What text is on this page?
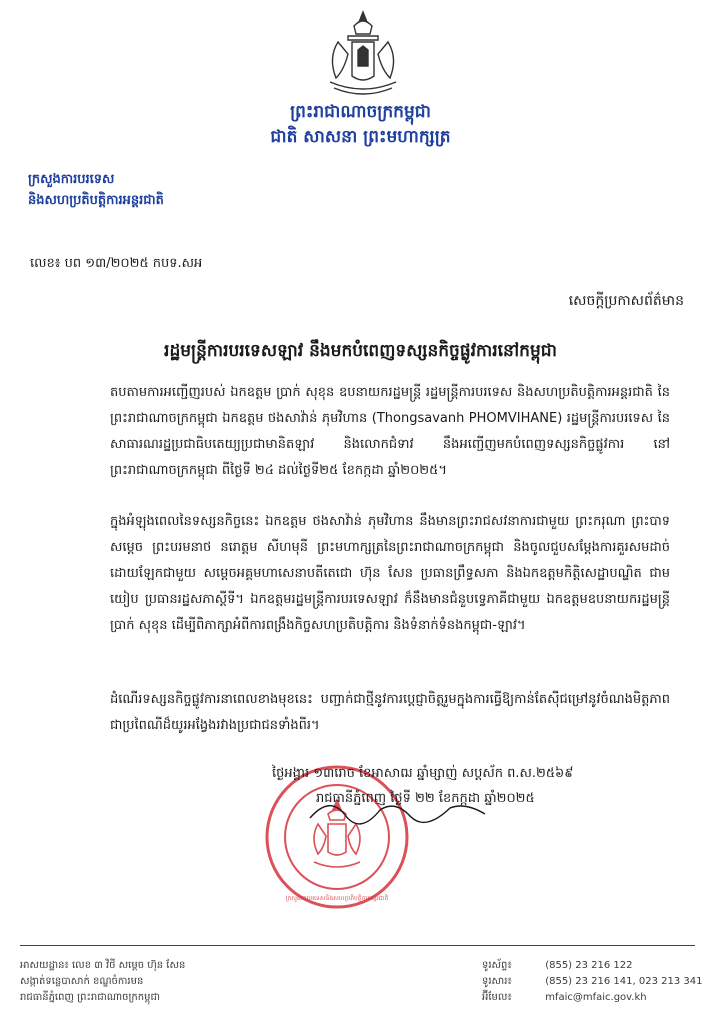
ព្រះរាជាណាចក្រកម្ពុជា
ជាតិ សាសនា ព្រះមហាក្សត្រ
ក្រសួងការបរទេស
និងសហប្រតិបត្តិការអន្តរជាតិ
លេខ៖ បព ១៣/២០២៥ កបទ.សអ
សេចក្តីប្រកាសព័ត៌មាន
រដ្ឋមន្ត្រីការបរទេសឡាវ នឹងមកបំពេញទស្សនកិច្ចផ្លូវការនៅកម្ពុជា
តបតាមការអញ្ជើញរបស់ ឯកឧត្តម ប្រាក់ សុខុន ឧបនាយករដ្ឋមន្ត្រី រដ្ឋមន្ត្រីការបរទេស និងសហប្រតិបត្តិការអន្តរជាតិ នៃព្រះរាជាណាចក្រកម្ពុជា ឯកឧត្តម ថងសាវ៉ាន់ ភុមវិហាន (Thongsavanh PHOMVIHANE) រដ្ឋមន្ត្រីការបរទេស នៃសាធារណរដ្ឋប្រជាធិបតេយ្យប្រជាមានិតឡាវ និងលោកជំទាវ នឹងអញ្ជើញមកបំពេញទស្សនកិច្ចផ្លូវការ នៅព្រះរាជាណាចក្រកម្ពុជា ពីថ្ងៃទី ២៤ ដល់ថ្ងៃទី២៥ ខែកក្កដា ឆ្នាំ២០២៥។
ក្នុងអំឡុងពេលនៃទស្សនកិច្ចនេះ ឯកឧត្តម ថងសាវ៉ាន់ ភុមវិហាន នឹងមានព្រះរាជសវនាការជាមួយ ព្រះករុណា ព្រះបាទសម្តេច ព្រះបរមនាថ នរោត្តម សីហមុនី ព្រះមហាក្សត្រនៃព្រះរាជាណាចក្រកម្ពុជា និងចូលជួបសម្តែងការគួរសមដាច់ដោយឡែកជាមួយ សម្តេចអគ្គមហាសេនាបតីតេជោ ហ៊ុន សែន ប្រធានព្រឹទ្ធសភា និងឯកឧត្តមកិត្តិសេដ្ឋាបណ្ឌិត ជាម យៀប ប្រធានរដ្ឋសភាស្តីទី។ ឯកឧត្តមរដ្ឋមន្ត្រីការបរទេសឡាវ ក៏នឹងមានជំនួបទ្វេភាគីជាមួយ ឯកឧត្តមឧបនាយករដ្ឋមន្ត្រី ប្រាក់ សុខុន ដើម្បីពិភាក្សាអំពីការពង្រឹងកិច្ចសហប្រតិបត្តិការ និងទំនាក់ទំនងកម្ពុជា-ឡាវ។
ដំណើរទស្សនកិច្ចផ្លូវការនាពេលខាងមុខនេះ បញ្ជាក់ជាថ្មីនូវការប្តេជ្ញាចិត្តរួមក្នុងការធ្វើឱ្យកាន់តែស៊ីជម្រៅនូវចំណងមិត្តភាពជាប្រពៃណីដ៏យូរអង្វែងរវាងប្រជាជនទាំងពីរ។
ក្រសួងការបរទេសនិងសហប្រតិបត្តិការអន្តរជាតិ
ថ្ងៃអង្គារ ១៣រោច ខែអាសាឍ ឆ្នាំម្សាញ់ សប្តស័ក ព.ស.២៥៦៩
រាជធានីភ្នំពេញ ថ្ងៃទី ២២ ខែកក្កដា ឆ្នាំ២០២៥
អាសយដ្ឋាន៖ លេខ ៣ វិថី សម្តេច ហ៊ុន សែន
សង្កាត់ទន្លេបាសាក់ ខណ្ឌចំការមន
រាជធានីភ្នំពេញ ព្រះរាជាណាចក្រកម្ពុជា
ទូរស័ព្ទ៖	(855) 23 216 122
ទូរសារ៖	(855) 23 216 141, 023 213 341
អ៊ីមែល៖	mfaic@mfaic.gov.kh
